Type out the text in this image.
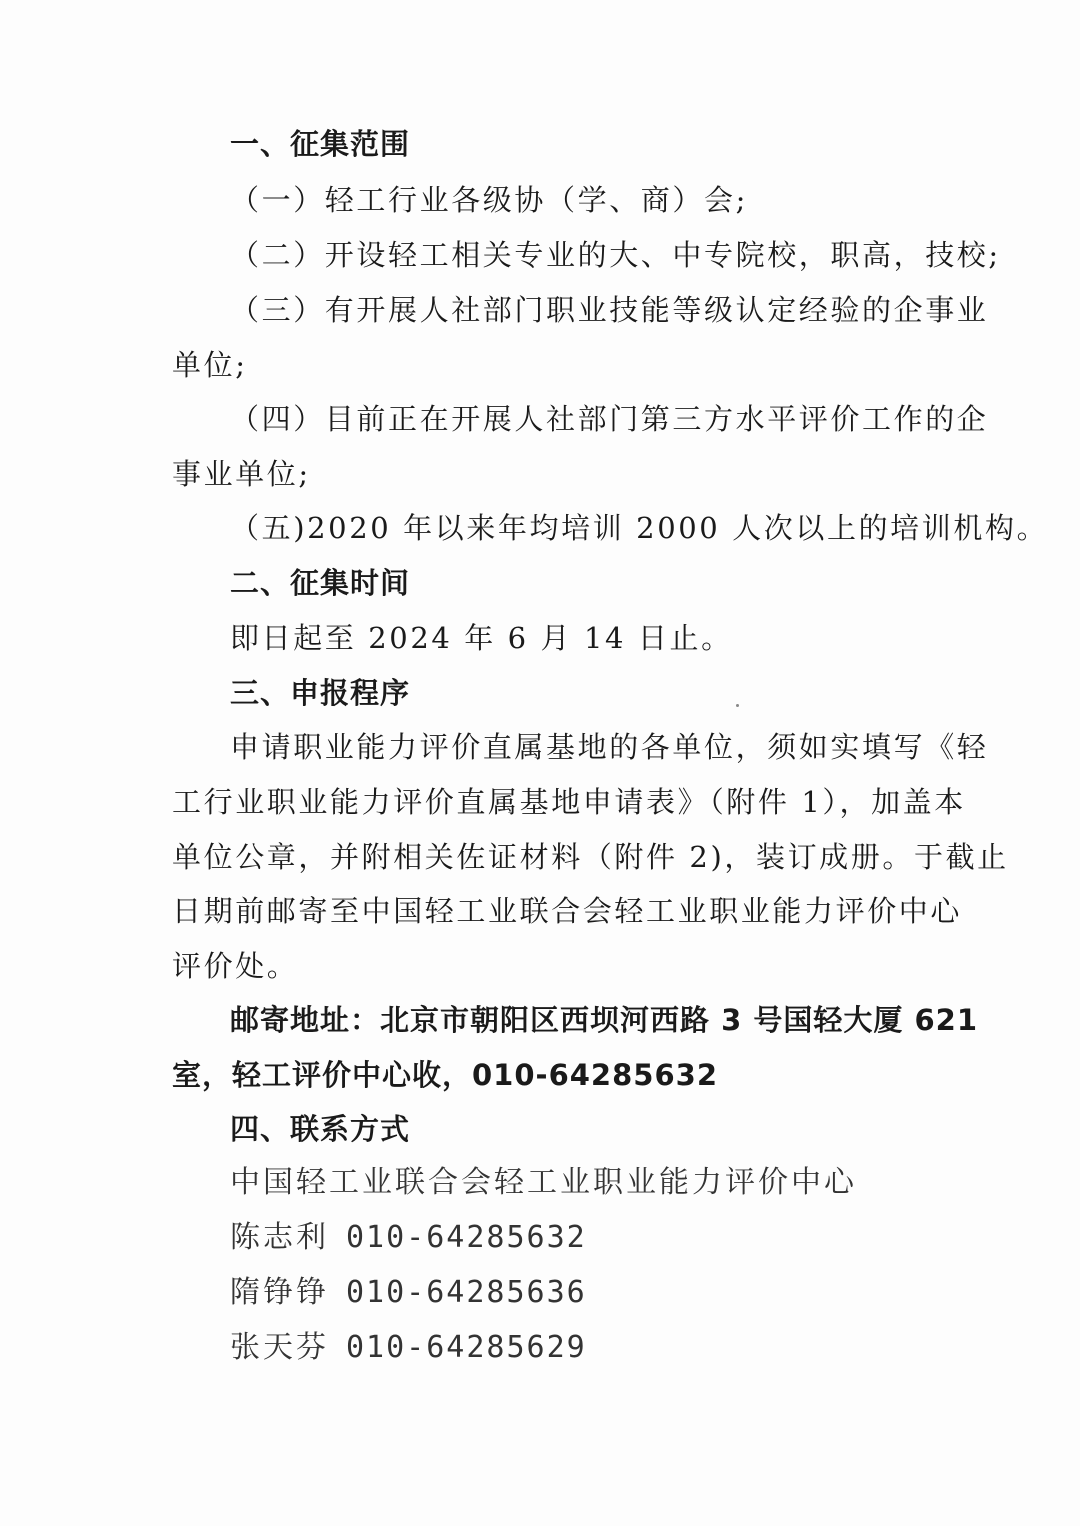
一、征集范围
（一）轻工行业各级协（学、商）会;
（二）开设轻工相关专业的大、中专院校，职高，技校;
（三）有开展人社部门职业技能等级认定经验的企事业
单位;
（四）目前正在开展人社部门第三方水平评价工作的企
事业单位;
（五)2020 年以来年均培训 2000 人次以上的培训机构。
二、征集时间
即日起至 2024 年 6 月 14 日止。
三、申报程序
申请职业能力评价直属基地的各单位，须如实填写《轻
工行业职业能力评价直属基地申请表》（附件 1），加盖本
单位公章，并附相关佐证材料（附件 2)，装订成册。于截止
日期前邮寄至中国轻工业联合会轻工业职业能力评价中心
评价处。
邮寄地址：北京市朝阳区西坝河西路 3 号国轻大厦 621
室，轻工评价中心收，010-64285632
四、联系方式
中国轻工业联合会轻工业职业能力评价中心
陈志利 010-64285632
隋铮铮 010-64285636
张天芬 010-64285629
